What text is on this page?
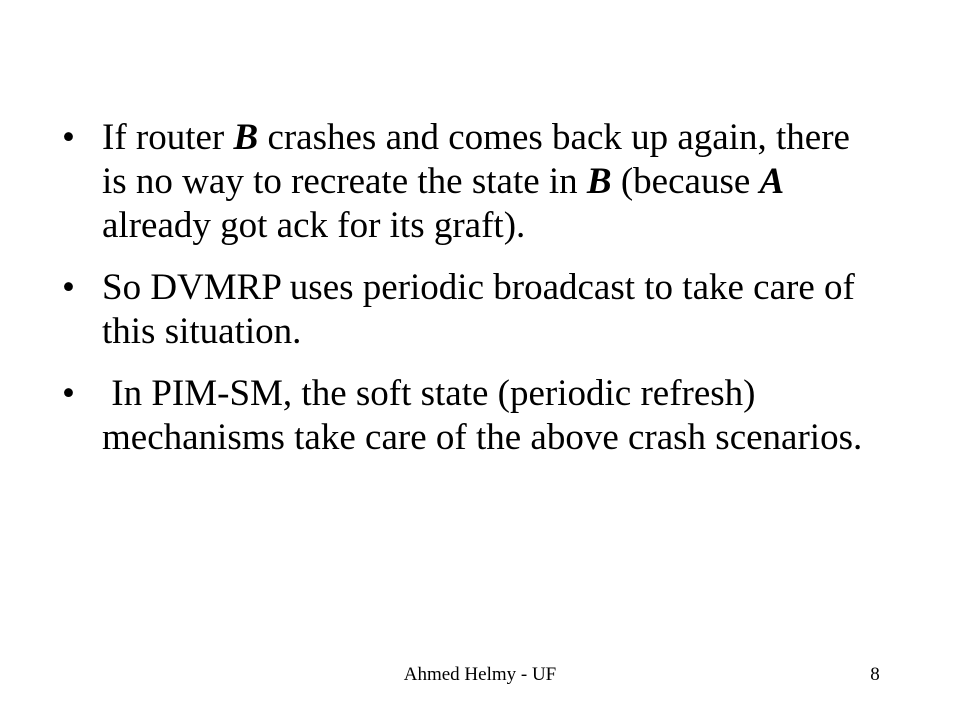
• If router B crashes and comes back up again, there is no way to recreate the state in B (because A already got ack for its graft).
• So DVMRP uses periodic broadcast to take care of this situation.
• In PIM-SM, the soft state (periodic refresh) mechanisms take care of the above crash scenarios.
Ahmed Helmy - UF	8
